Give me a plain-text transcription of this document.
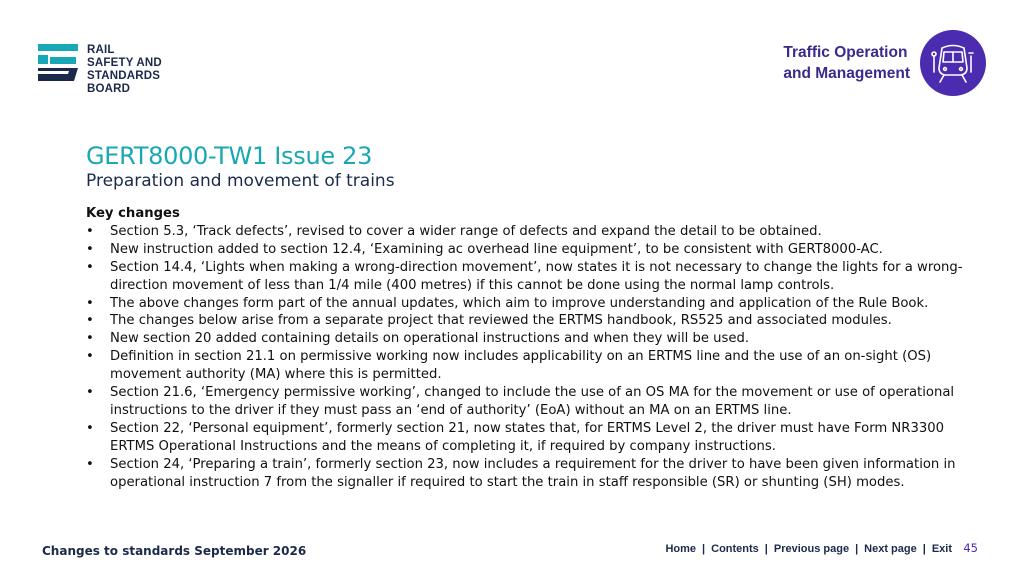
RAIL
SAFETY AND
STANDARDS
BOARD
Traffic Operation
and Management
GERT8000-TW1 Issue 23
Preparation and movement of trains
Key changes
• Section 5.3, ‘Track defects’, revised to cover a wider range of defects and expand the detail to be obtained.
• New instruction added to section 12.4, ‘Examining ac overhead line equipment’, to be consistent with GERT8000-AC.
• Section 14.4, ‘Lights when making a wrong-direction movement’, now states it is not necessary to change the lights for a wrong-direction movement of less than 1/4 mile (400 metres) if this cannot be done using the normal lamp controls.
• The above changes form part of the annual updates, which aim to improve understanding and application of the Rule Book.
• The changes below arise from a separate project that reviewed the ERTMS handbook, RS525 and associated modules.
• New section 20 added containing details on operational instructions and when they will be used.
• Definition in section 21.1 on permissive working now includes applicability on an ERTMS line and the use of an on-sight (OS) movement authority (MA) where this is permitted.
• Section 21.6, ‘Emergency permissive working’, changed to include the use of an OS MA for the movement or use of operational instructions to the driver if they must pass an ‘end of authority’ (EoA) without an MA on an ERTMS line.
• Section 22, ‘Personal equipment’, formerly section 21, now states that, for ERTMS Level 2, the driver must have Form NR3300 ERTMS Operational Instructions and the means of completing it, if required by company instructions.
• Section 24, ‘Preparing a train’, formerly section 23, now includes a requirement for the driver to have been given information in operational instruction 7 from the signaller if required to start the train in staff responsible (SR) or shunting (SH) modes.
Changes to standards September 2026	Home | Contents | Previous page | Next page | Exit 45
